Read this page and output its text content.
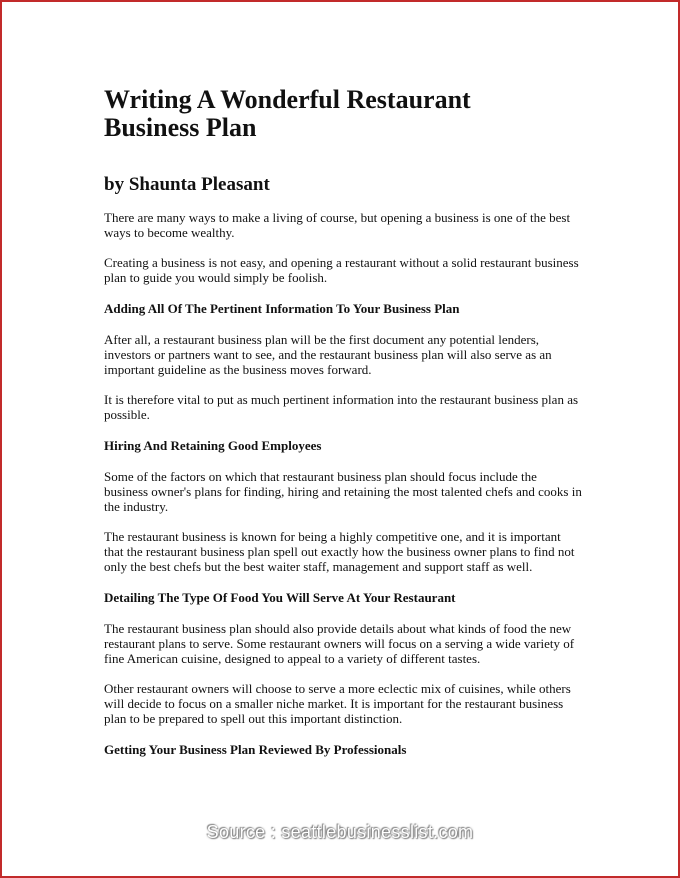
Writing A Wonderful Restaurant
Business Plan
by Shaunta Pleasant

There are many ways to make a living of course, but opening a business is one of the best ways to become wealthy.

Creating a business is not easy, and opening a restaurant without a solid restaurant business plan to guide you would simply be foolish.

Adding All Of The Pertinent Information To Your Business Plan

After all, a restaurant business plan will be the first document any potential lenders, investors or partners want to see, and the restaurant business plan will also serve as an important guideline as the business moves forward.

It is therefore vital to put as much pertinent information into the restaurant business plan as possible.

Hiring And Retaining Good Employees

Some of the factors on which that restaurant business plan should focus include the business owner's plans for finding, hiring and retaining the most talented chefs and cooks in the industry.

The restaurant business is known for being a highly competitive one, and it is important that the restaurant business plan spell out exactly how the business owner plans to find not only the best chefs but the best waiter staff, management and support staff as well.

Detailing The Type Of Food You Will Serve At Your Restaurant

The restaurant business plan should also provide details about what kinds of food the new restaurant plans to serve. Some restaurant owners will focus on a serving a wide variety of fine American cuisine, designed to appeal to a variety of different tastes.

Other restaurant owners will choose to serve a more eclectic mix of cuisines, while others will decide to focus on a smaller niche market. It is important for the restaurant business plan to be prepared to spell out this important distinction.

Getting Your Business Plan Reviewed By Professionals
Source : seattlebusinesslist.com
